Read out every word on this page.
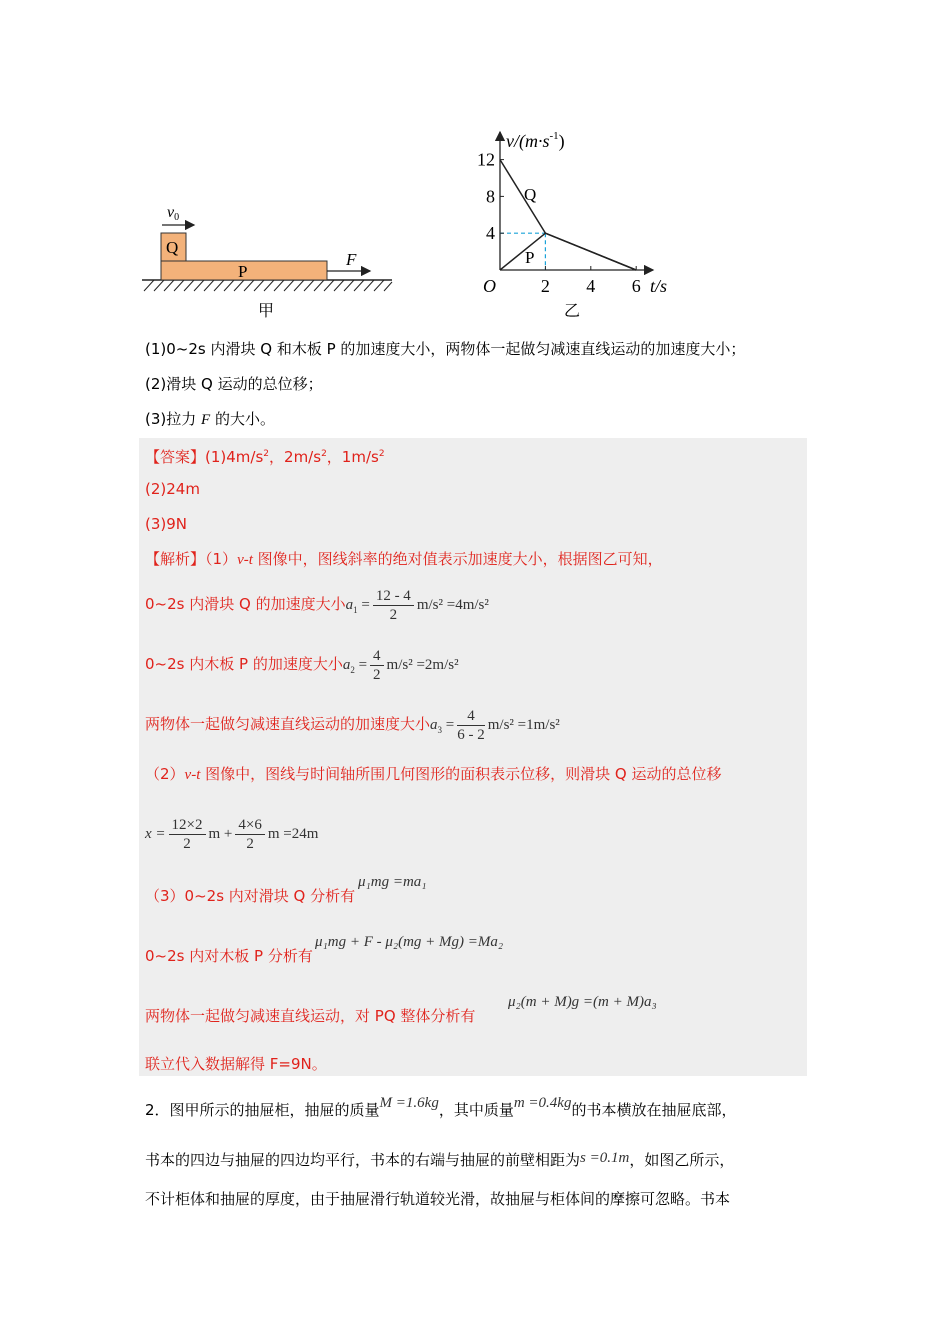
P
Q
v0
F
甲
12
8
4
2 4 6
$v/(m\cdot s^{-1})$
O	t/s
Q
P
乙
(1)0~2s 内滑块 Q 和木板 P 的加速度大小，两物体一起做匀减速直线运动的加速度大小；
(2)滑块 Q 运动的总位移；
(3)拉力 F 的大小。
【答案】$(1)4m/s^2$，$2m/s^2$，$1m/s^2$
(2)24m
(3)9N
【解析】（1）v-t 图像中，图线斜率的绝对值表示加速度大小，根据图乙可知，
0~2s 内滑块 Q 的加速度大小$a_1 = \frac{12 - 4}{2} m/s^2 =4m/s^2$
0~2s 内木板 P 的加速度大小$a_2 = \frac{4}{2} m/s^2 =2m/s^2$
两物体一起做匀减速直线运动的加速度大小$a_3 = \frac{4}{6 - 2} m/s^2 =1m/s^2$
（2）v-t 图像中，图线与时间轴所围几何图形的面积表示位移，则滑块 Q 运动的总位移
$x = \frac{12\times 2}{2}$ $m + \frac{4\times 6}{2}$ m =24m
（3）0~2s 内对滑块 Q 分析有
μ₁mg =ma₁
0~2s 内对木板 P 分析有
μ₁mg + F - μ₂(mg + Mg) =Ma₂
两物体一起做匀减速直线运动，对 PQ 整体分析有
μ₂(m + M)g =(m + M)a₃
联立代入数据解得 F=9N。
2．图甲所示的抽屉柜，抽屉的质量M =1.6kg，其中质量m =0.4kg的书本横放在抽屉底部，
书本的四边与抽屉的四边均平行，书本的右端与抽屉的前壁相距为s =0.1m，如图乙所示，
不计柜体和抽屉的厚度，由于抽屉滑行轨道较光滑，故抽屉与柜体间的摩擦可忽略。书本
